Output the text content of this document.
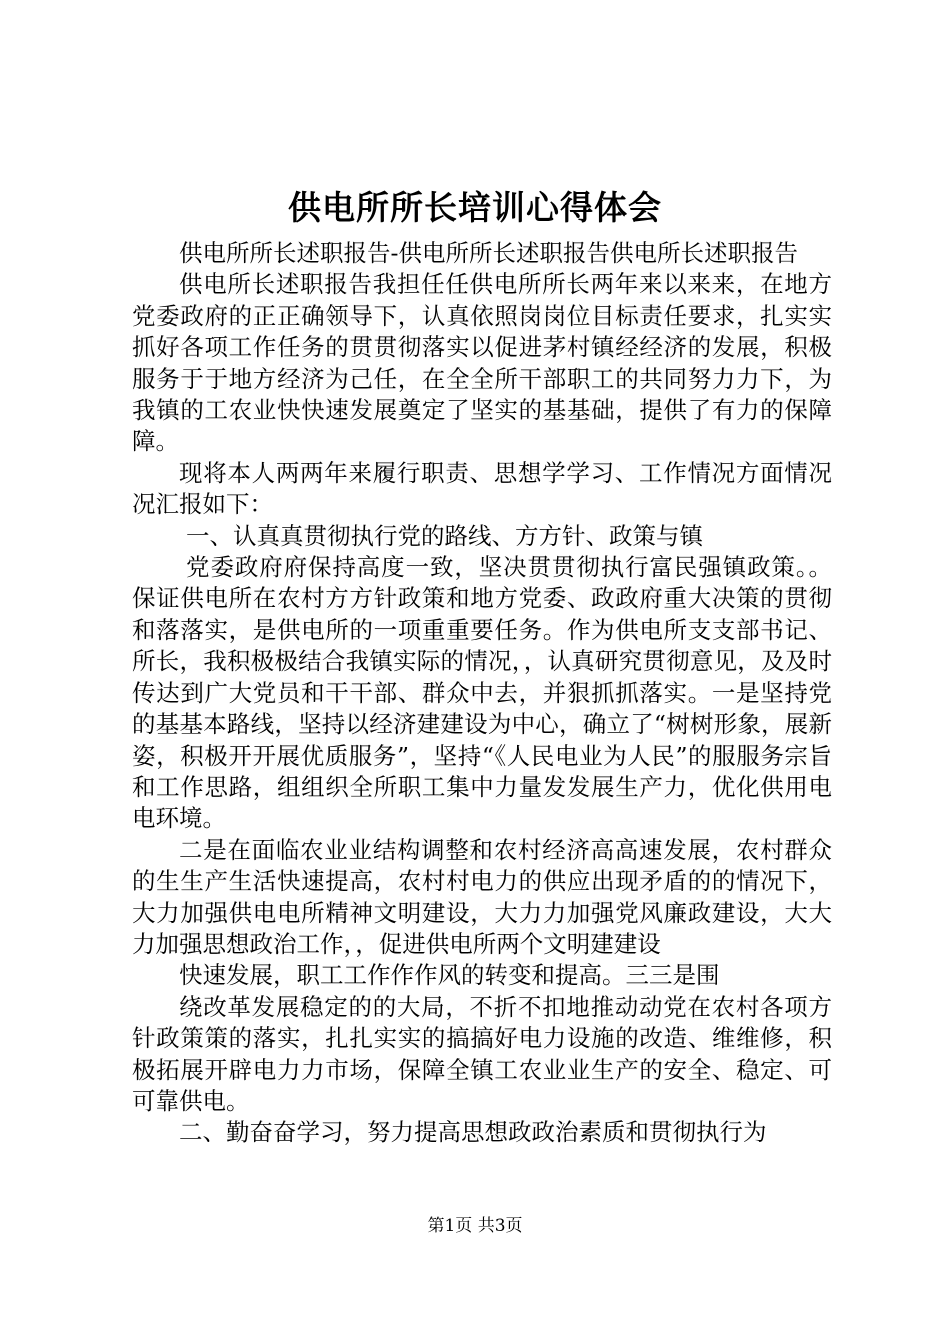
供电所所长培训心得体会

供电所所长述职报告-供电所所长述职报告供电所长述职报告

供电所长述职报告我担任任供电所所长两年来以来来，在地方党委政府的正正确领导下，认真依照岗岗位目标责任要求，扎实实抓好各项工作任务的贯贯彻落实以促进茅村镇经经济的发展，积极服务于于地方经济为己任，在全全所干部职工的共同努力力下，为我镇的工农业快快速发展奠定了坚实的基基础，提供了有力的保障障。

现将本人两两年来履行职责、思想学学习、工作情况方面情况况汇报如下：

一、认真真贯彻执行党的路线、方方针、政策与镇

党委政府府保持高度一致，坚决贯贯彻执行富民强镇政策。。保证供电所在农村方方针政策和地方党委、政政府重大决策的贯彻和落落实，是供电所的一项重重要任务。作为供电所支支部书记、所长，我积极极结合我镇实际的情况，，认真研究贯彻意见，及及时传达到广大党员和干干部、群众中去，并狠抓抓落实。一是坚持党的基基本路线，坚持以经济建建设为中心，确立了“树树形象，展新姿，积极开开展优质服务”，坚持“《人民电业为人民”的服服务宗旨和工作思路，组组织全所职工集中力量发发展生产力，优化供用电电环境。

二是在面临农业业结构调整和农村经济高高速发展，农村群众的生生产生活快速提高，农村村电力的供应出现矛盾的的情况下，大力加强供电电所精神文明建设，大力力加强党风廉政建设，大大力加强思想政治工作，，促进供电所两个文明建建设

快速发展，职工工作作作风的转变和提高。三三是围

绕改革发展稳定的的大局，不折不扣地推动动党在农村各项方针政策策的落实，扎扎实实的搞搞好电力设施的改造、维维修，积极拓展开辟电力力市场，保障全镇工农业业生产的安全、稳定、可可靠供电。

二、勤奋奋学习，努力提高思想政政治素质和贯彻执行为

第1页 共3页
